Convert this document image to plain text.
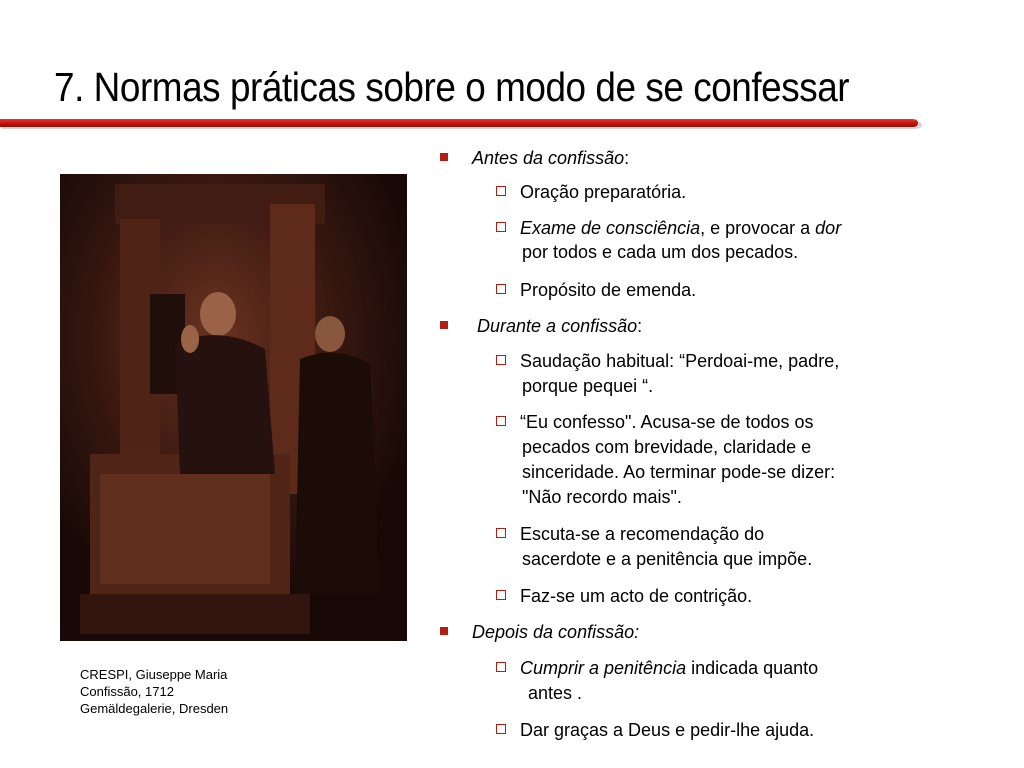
7. Normas práticas sobre o modo de se confessar
CRESPI, Giuseppe Maria
Confissão, 1712
Gemäldegalerie, Dresden
Antes da confissão:
Oração preparatória.
Exame de consciência, e provocar a dor
por todos e cada um dos pecados.
Propósito de emenda.
Durante a confissão:
Saudação habitual: “Perdoai-me, padre,
porque pequei “.
“Eu confesso". Acusa-se de todos os
pecados com brevidade, claridade e
sinceridade. Ao terminar pode-se dizer:
"Não recordo mais".
Escuta-se a recomendação do
sacerdote e a penitência que impõe.
Faz-se um acto de contrição.
Depois da confissão:
Cumprir a penitência indicada quanto
antes .
Dar graças a Deus e pedir-lhe ajuda.
